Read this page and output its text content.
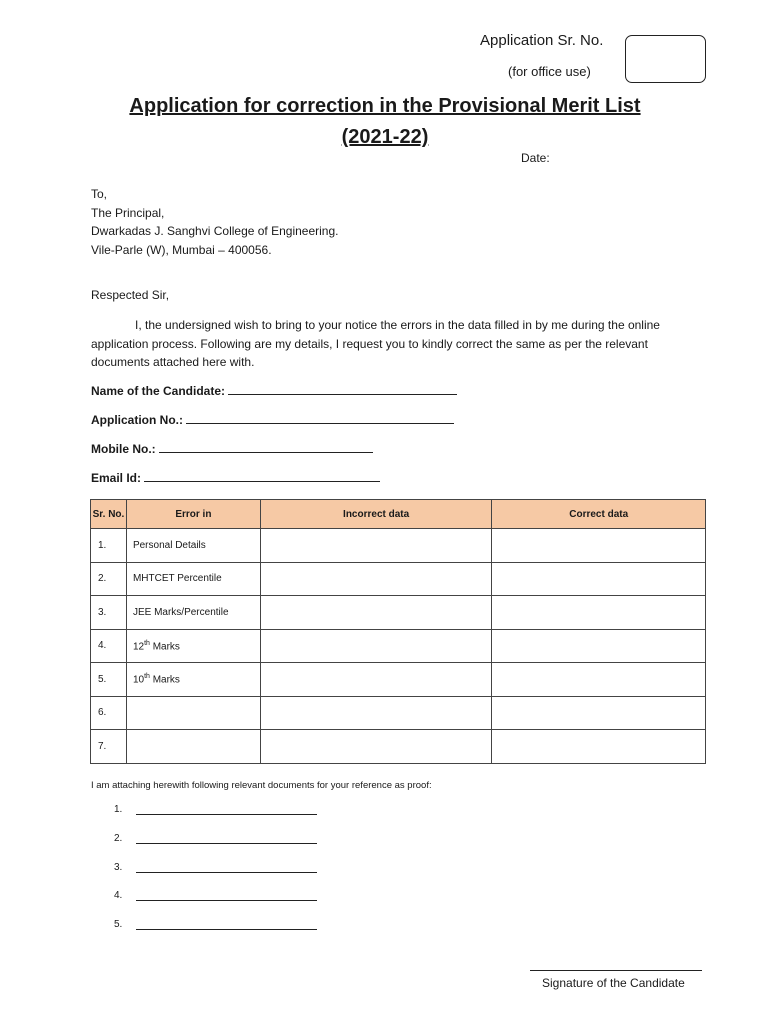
Application Sr. No.
(for office use)
Application for correction in the Provisional Merit List
(2021-22)
Date:
To,
The Principal,
Dwarkadas J. Sanghvi College of Engineering.
Vile-Parle (W), Mumbai – 400056.
Respected Sir,
I, the undersigned wish to bring to your notice the errors in the data filled in by me during the online application process. Following are my details, I request you to kindly correct the same as per the relevant documents attached here with.
Name of the Candidate:
Application No.:
Mobile No.:
Email Id:
Sr. No.	Error in	Incorrect data	Correct data
1.	Personal Details		
2.	MHTCET Percentile		
3.	JEE Marks/Percentile		
4.	12th Marks		
5.	10th Marks		
6.			
7.			
I am attaching herewith following relevant documents for your reference as proof:
1.
2.
3.
4.
5.
Signature of the Candidate
